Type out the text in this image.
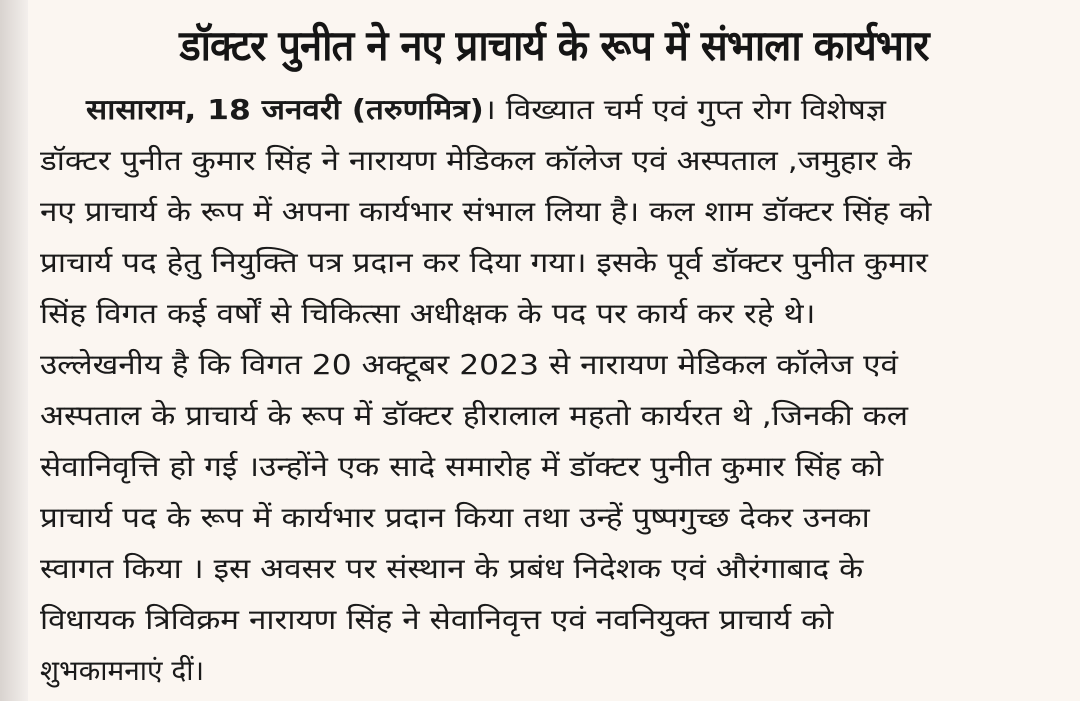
डॉक्टर पुनीत ने नए प्राचार्य के रूप में संभाला कार्यभार
सासाराम, 18 जनवरी (तरुणमित्र)। विख्यात चर्म एवं गुप्त रोग विशेषज्ञ
डॉक्टर पुनीत कुमार सिंह ने नारायण मेडिकल कॉलेज एवं अस्पताल ,जमुहार के
नए प्राचार्य के रूप में अपना कार्यभार संभाल लिया है। कल शाम डॉक्टर सिंह को
प्राचार्य पद हेतु नियुक्ति पत्र प्रदान कर दिया गया। इसके पूर्व डॉक्टर पुनीत कुमार
सिंह विगत कई वर्षों से चिकित्सा अधीक्षक के पद पर कार्य कर रहे थे।
उल्लेखनीय है कि विगत 20 अक्टूबर 2023 से नारायण मेडिकल कॉलेज एवं
अस्पताल के प्राचार्य के रूप में डॉक्टर हीरालाल महतो कार्यरत थे ,जिनकी कल
सेवानिवृत्ति हो गई ।उन्होंने एक सादे समारोह में डॉक्टर पुनीत कुमार सिंह को
प्राचार्य पद के रूप में कार्यभार प्रदान किया तथा उन्हें पुष्पगुच्छ देकर उनका
स्वागत किया । इस अवसर पर संस्थान के प्रबंध निदेशक एवं औरंगाबाद के
विधायक त्रिविक्रम नारायण सिंह ने सेवानिवृत्त एवं नवनियुक्त प्राचार्य को
शुभकामनाएं दीं।
